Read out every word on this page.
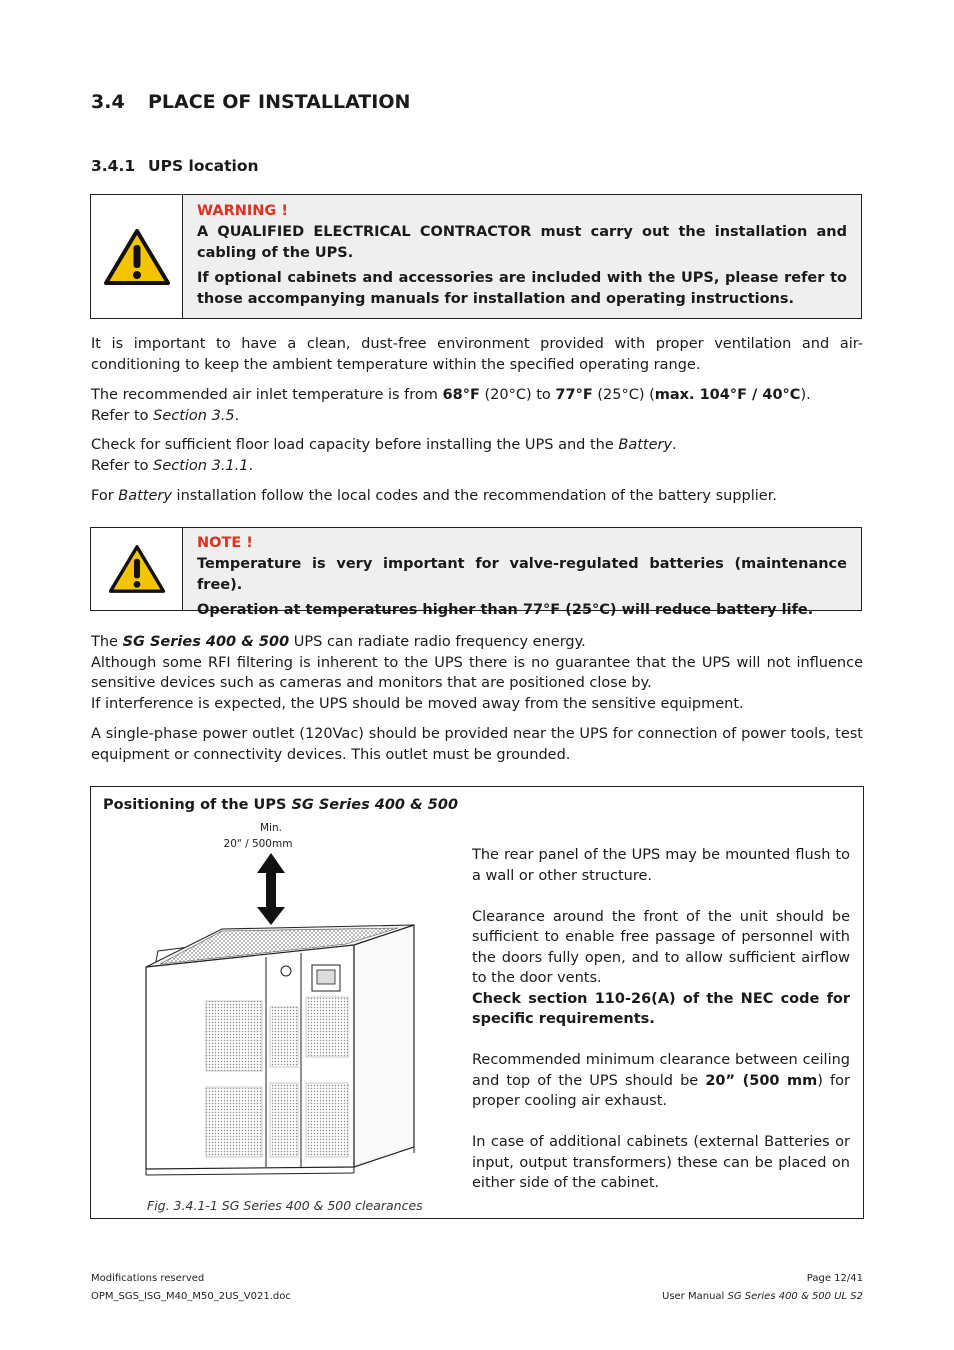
3.4 PLACE OF INSTALLATION
3.4.1 UPS location
WARNING !

A QUALIFIED ELECTRICAL CONTRACTOR must carry out the installation and cabling of the UPS.

If optional cabinets and accessories are included with the UPS, please refer to those accompanying manuals for installation and operating instructions.

It is important to have a clean, dust-free environment provided with proper ventilation and air-conditioning to keep the ambient temperature within the specified operating range.

The recommended air inlet temperature is from 68°F (20°C) to 77°F (25°C) (max. 104°F / 40°C).
Refer to Section 3.5.

Check for sufficient floor load capacity before installing the UPS and the Battery.
Refer to Section 3.1.1.

For Battery installation follow the local codes and the recommendation of the battery supplier.

NOTE !

Temperature is very important for valve-regulated batteries (maintenance free).

Operation at temperatures higher than 77°F (25°C) will reduce battery life.

The SG Series 400 & 500 UPS can radiate radio frequency energy.
Although some RFI filtering is inherent to the UPS there is no guarantee that the UPS will not influence sensitive devices such as cameras and monitors that are positioned close by.
If interference is expected, the UPS should be moved away from the sensitive equipment.

A single-phase power outlet (120Vac) should be provided near the UPS for connection of power tools, test equipment or connectivity devices. This outlet must be grounded.

Positioning of the UPS SG Series 400 & 500
Min.
20" / 500mm
Fig. 3.4.1-1 SG Series 400 & 500 clearances

The rear panel of the UPS may be mounted flush to a wall or other structure.

Clearance around the front of the unit should be sufficient to enable free passage of personnel with the doors fully open, and to allow sufficient airflow to the door vents.

Check section 110-26(A) of the NEC code for specific requirements.

Recommended minimum clearance between ceiling and top of the UPS should be 20” (500 mm) for proper cooling air exhaust.

In case of additional cabinets (external Batteries or input, output transformers) these can be placed on either side of the cabinet.

Modifications reserved
OPM_SGS_ISG_M40_M50_2US_V021.doc
Page 12/41
User Manual SG Series 400 & 500 UL S2
